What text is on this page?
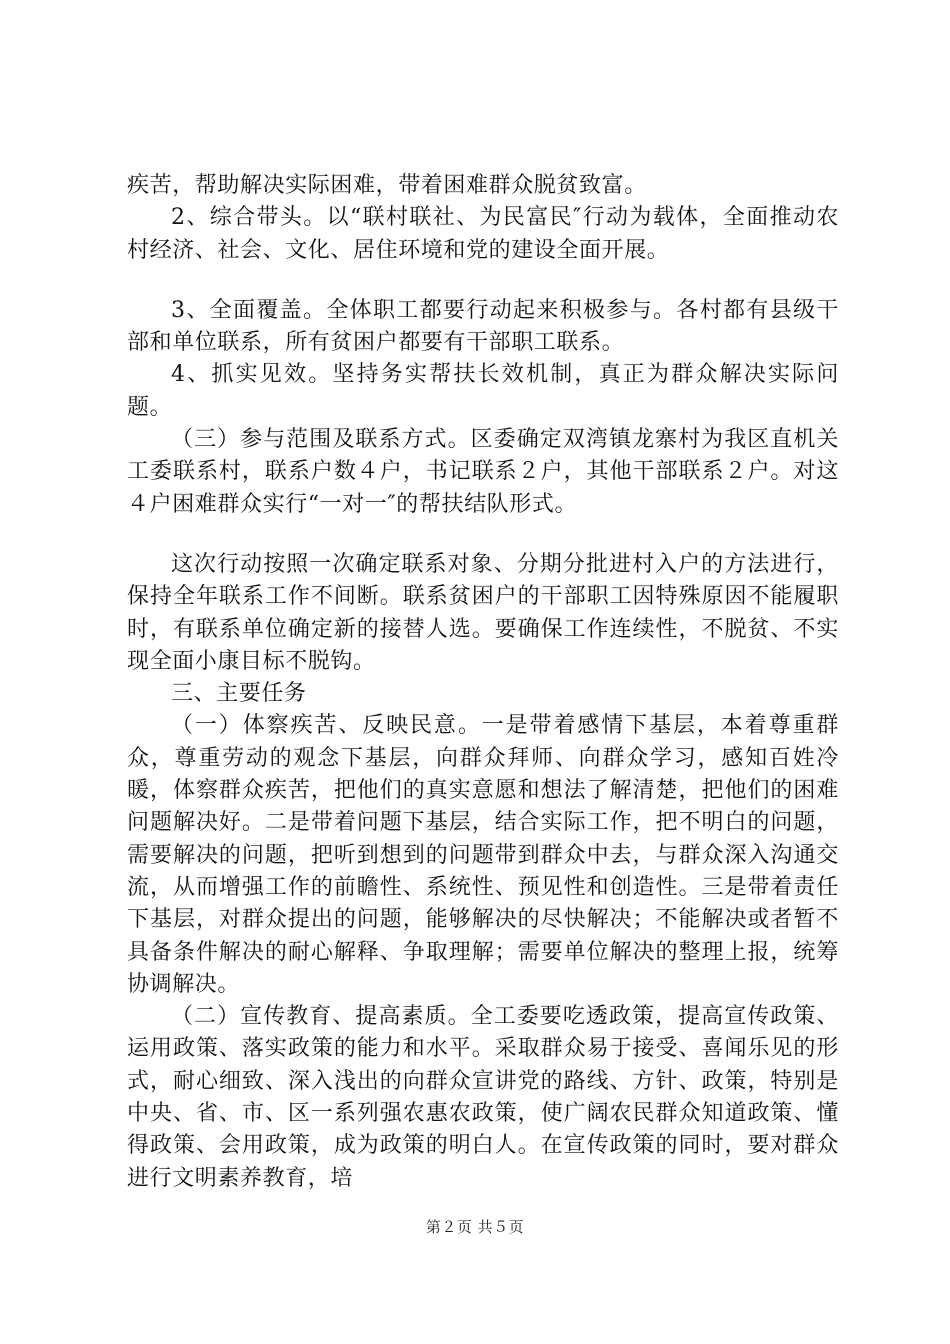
疾苦，帮助解决实际困难，带着困难群众脱贫致富。

2、综合带头。以“联村联社、为民富民″行动为载体，全面推动农村经济、社会、文化、居住环境和党的建设全面开展。

3、全面覆盖。全体职工都要行动起来积极参与。各村都有县级干部和单位联系，所有贫困户都要有干部职工联系。

4、抓实见效。坚持务实帮扶长效机制，真正为群众解决实际问题。

（三）参与范围及联系方式。区委确定双湾镇龙寨村为我区直机关工委联系村，联系户数４户，书记联系２户，其他干部联系２户。对这４户困难群众实行“一对一″的帮扶结队形式。

这次行动按照一次确定联系对象、分期分批进村入户的方法进行，保持全年联系工作不间断。联系贫困户的干部职工因特殊原因不能履职时，有联系单位确定新的接替人选。要确保工作连续性，不脱贫、不实现全面小康目标不脱钩。

三、主要任务

（一）体察疾苦、反映民意。一是带着感情下基层，本着尊重群众，尊重劳动的观念下基层，向群众拜师、向群众学习，感知百姓冷暖，体察群众疾苦，把他们的真实意愿和想法了解清楚，把他们的困难问题解决好。二是带着问题下基层，结合实际工作，把不明白的问题，需要解决的问题，把听到想到的问题带到群众中去，与群众深入沟通交流，从而增强工作的前瞻性、系统性、预见性和创造性。三是带着责任下基层，对群众提出的问题，能够解决的尽快解决；不能解决或者暂不具备条件解决的耐心解释、争取理解；需要单位解决的整理上报，统筹协调解决。

（二）宣传教育、提高素质。全工委要吃透政策，提高宣传政策、运用政策、落实政策的能力和水平。采取群众易于接受、喜闻乐见的形式，耐心细致、深入浅出的向群众宣讲党的路线、方针、政策，特别是中央、省、市、区一系列强农惠农政策，使广阔农民群众知道政策、懂得政策、会用政策，成为政策的明白人。在宣传政策的同时，要对群众进行文明素养教育，培

第２页 共５页
